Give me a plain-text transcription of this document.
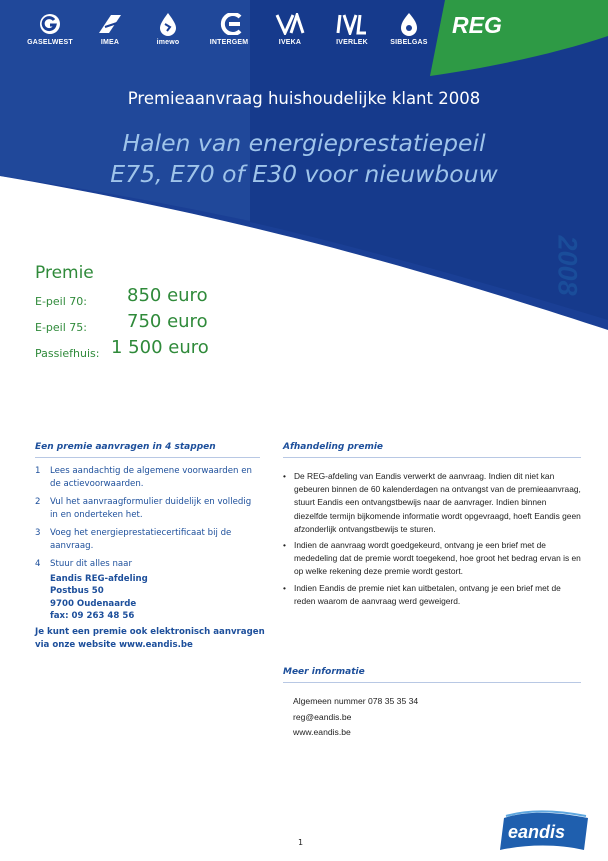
GASELWEST	IMEA	imewo	INTERGEM	IVEKA	IVERLEK	SIBELGAS
REG
Premieaanvraag huishoudelijke klant 2008
Halen van energieprestatiepeil
E75, E70 of E30 voor nieuwbouw
2008
Premie
E-peil 70: 850 euro
E-peil 75: 750 euro
Passiefhuis: 1 500 euro
Een premie aanvragen in 4 stappen
1 Lees aandachtig de algemene voorwaarden en de actievoorwaarden.
2 Vul het aanvraagformulier duidelijk en volledig in en onderteken het.
3 Voeg het energieprestatiecertificaat bij de aanvraag.
4 Stuur dit alles naar
Eandis REG-afdeling
Postbus 50
9700 Oudenaarde
fax: 09 263 48 56
Je kunt een premie ook elektronisch aanvragen via onze website www.eandis.be
Afhandeling premie
• De REG-afdeling van Eandis verwerkt de aanvraag. Indien dit niet kan gebeuren binnen de 60 kalenderdagen na ontvangst van de premieaanvraag, stuurt Eandis een ontvangstbewijs naar de aanvrager. Indien binnen diezelfde termijn bijkomende informatie wordt opgevraagd, hoeft Eandis geen afzonderlijk ontvangstbewijs te sturen.
• Indien de aanvraag wordt goedgekeurd, ontvang je een brief met de mededeling dat de premie wordt toegekend, hoe groot het bedrag ervan is en op welke rekening deze premie wordt gestort.
• Indien Eandis de premie niet kan uitbetalen, ontvang je een brief met de reden waarom de aanvraag werd geweigerd.
Meer informatie
Algemeen nummer 078 35 35 34
reg@eandis.be
www.eandis.be
1
eandis
